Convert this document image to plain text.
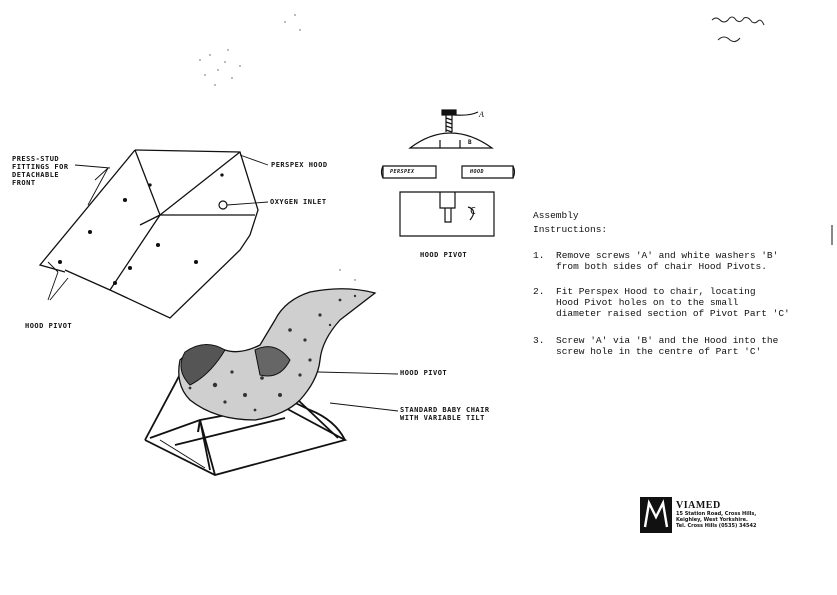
PRESS-STUD
FITTINGS FOR
DETACHABLE
FRONT
PERSPEX HOOD
OXYGEN INLET
HOOD PIVOT
HOOD PIVOT
HOOD PIVOT
STANDARD BABY CHAIR
WITH VARIABLE TILT
A
B
C
PERSPEX	HOOD
Assembly
Instructions:
1. Remove screws 'A' and white washers 'B'
from both sides of chair Hood Pivots.
2. Fit Perspex Hood to chair, locating
Hood Pivot holes on to the small
diameter raised section of Pivot Part 'C'
3. Screw 'A' via 'B' and the Hood into the
screw hole in the centre of Part 'C'
VIAMED
15 Station Road, Cross Hills,
Keighley, West Yorkshire.
Tel. Cross Hills (0535) 34542
